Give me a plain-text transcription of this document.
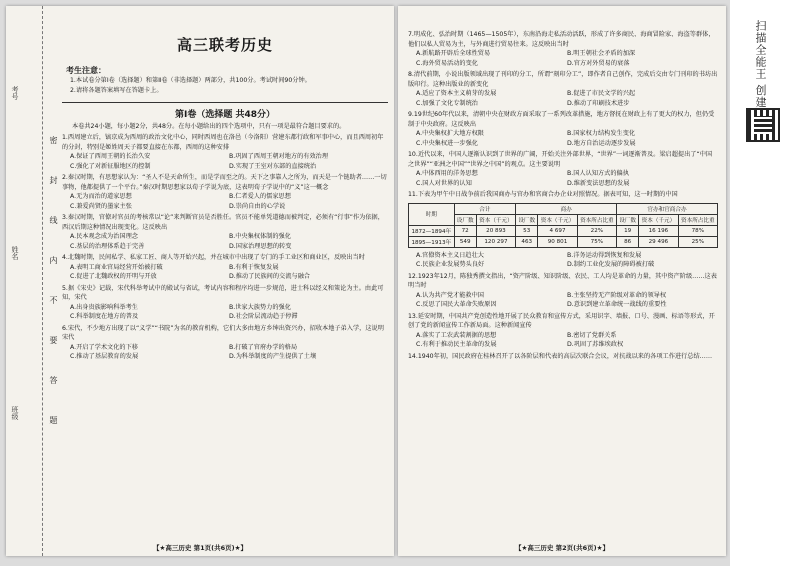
考号
姓名
班级
密
封
线
内
不
要
答
题
高三联考历史
考生注意：
1.本试卷分第Ⅰ卷（选择题）和第Ⅱ卷（非选择题）两部分，共100分。考试时间90分钟。
2.请将各题答案填写在答题卡上。
第Ⅰ卷（选择题 共48分）
本卷共24小题，每小题2分，共48分。在每小题给出的四个选项中，只有一项是最符合题目要求的。
1.西周建立后，镐京成为西周的政治文化中心，同时西周也在洛邑（今洛阳）营建东都行政和军事中心，而且西周初年的分封，特别是姬姓周天子都要直接在东都，西周的这种安排
A.保证了西周王朝的长治久安	B.巩固了西周王朝对地方的有效治理
C.强化了对新征服地区的控制	D.实现了王室对东部的直接统治
2.秦汉时期，有思想家认为：“圣人不是天命所生，而是学而至之的。天下之事靠人之所为，而天是一个链助者……一切事物，他都提供了一个平台。”秦汉时期思想家以荀子学说为底，这表明荀子学说中的“义”这一概念
A.无为而治的道家思想	B.仁者爱人的儒家思想
C.兼爱尚贤的墨家主张	D.崇尚自由的心学说
3.秦汉时期，官僚对官员的考核常以“论”来判断官员是否胜任。官员不能单凭道德而被判定，必须有“行事”作为依据，西汉后期这种情况出现变化。这反映出
A.民本观念成为治国理念	B.中央集权体制的强化
C.基层的治理体系趋于完善	D.国家治理思想的转变
4.北魏时期，民间私学、私家工匠、商人等开始兴起，并在城市中出现了专门的手工业区和商业区，反映出当时
A.表明工商业官局经营开始被打破	B.有利于恢复发展
C.促进了北魏政权的开明与开放	D.推动了民族间的交流与融合
5.据《宋史》记载，宋代科举考试中的殿试与省试，考试内容和程序均进一步规范，进士科以经义和策论为主。由此可知，宋代
A.出身贵族影响科举考生	B.世家大族势力的强化
C.科举制度在地方的普及	D.社会阶层流动趋于停滞
6.宋代，不少地方出现了以“义学”“书院”为名的教育机构，它们大多由地方乡绅出资兴办，招收本地子弟入学，这说明宋代
A.开启了学术文化的下移	B.打破了官府办学的格局
C.推动了基层教育的发展	D.为科举制度的产生提供了土壤
【★高三历史 第1页(共6页)★】
7.明成化、弘治时期（1465—1505年），东南沿海走私活动活跃，形成了许多商民、海商冒险家、海盗等群体，他们以私人贸易为主，与外商进行贸易往来。这反映出当时
A.新航路开辟后全球性贸易	B.明王朝社会矛盾的加深
C.海外贸易活动的变化	D.官方对外贸易的衰落
8.清代前期，小说出版领域出现了刊印的分工，所谓“刻印分工”，即作者自己创作，完成后交由专门刊印的书坊出版印行。这种出版业的新变化
A.适应了资本主义萌芽的发展	B.促进了市民文学的兴起
C.加强了文化专制统治	D.推动了印刷技术进步
9.19世纪60年代以来，清朝中央在财政方面采取了一系列改革措施，地方督抚在财政上有了更大的权力，但仍受制于中央政府。这反映出
A.中央集权扩大地方权限	B.国家权力结构发生变化
C.中央集权进一步强化	D.地方自治运动逐步发展
10.近代以来，中国人逐渐认识到了世界的广阔，开始关注外部世界，“世界”一词逐渐普及。梁启超提出了“中国之世界”“亚洲之中国”“世界之中国”的观点。这主要说明
A.中体西用的洋务思想	B.国人认知方式的偏执
C.国人对世界的认知	D.维新变法思想的发展
11.下表为甲午中日战争前后我国商办与官办和官商合办企业对照情况。据表可知，这一时期的中国
时期	合计		商办			官办和官商合办		
	设厂数	资本（千元）	设厂数	资本（千元）	资本所占比重	设厂数	资本（千元）	资本所占比重
1872—1894年	72	20 893	53	4 697	22%	19	16 196	78%
1895—1913年	549	120 297	463	90 801	75%	86	29 496	25%
A.官僚资本主义日趋壮大	B.洋务运动得到恢复和发展
C.民族企业发展势头良好	D.制约工业化发展的障碍被打破
12.1923年12月，陈独秀撰文指出，“资产阶级、知识阶级、农民、工人均是革命的力量，其中资产阶级……这表明当时
A.认为共产党才能救中国	B.主张坚持无产阶级对革命的领导权
C.反思了国民大革命失败原因	D.意识到建立革命统一战线的重要性
13.延安时期，中国共产党创造性地开展了民众教育和宣传方式，采用识字、墙报、口号、漫画、标语等形式，开创了党的新闻宣传工作新局面。这种新闻宣传
A.落实了工农武装割据的思想	B.密切了党群关系
C.有利于推动民主革命的发展	D.巩固了苏维埃政权
14.1940年初，国民政府在桂林召开了以各阶层和代表的高层次联合会议，对抗战以来的各项工作进行总结……
【★高三历史 第2页(共6页)★】
扫描全能王 创建
